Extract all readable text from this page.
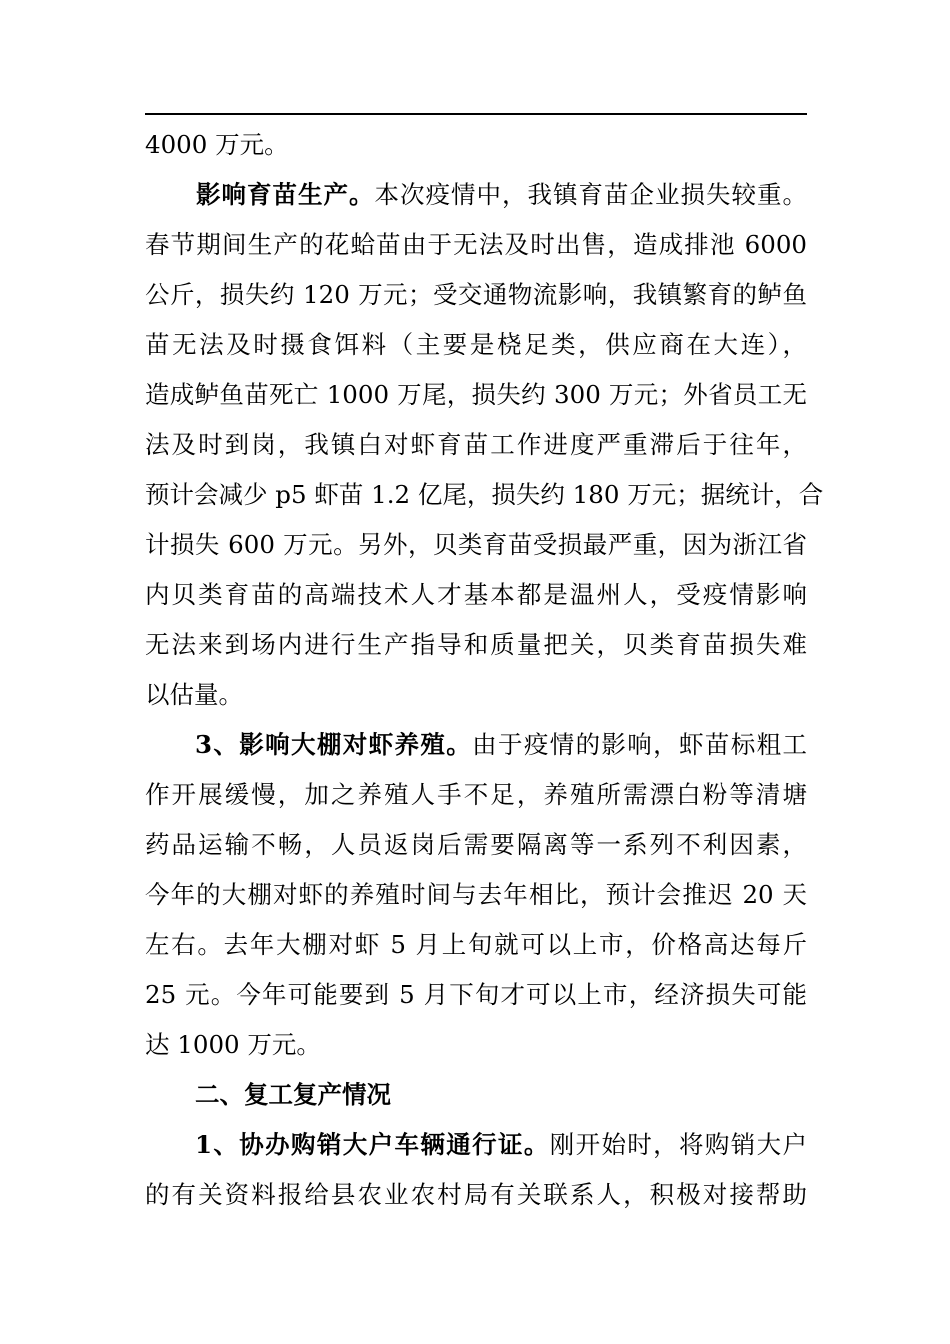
4000 万元。
影响育苗生产。本次疫情中，我镇育苗企业损失较重。
春节期间生产的花蛤苗由于无法及时出售，造成排池 6000
公斤，损失约 120 万元；受交通物流影响，我镇繁育的鲈鱼
苗无法及时摄食饵料（主要是桡足类，供应商在大连），
造成鲈鱼苗死亡 1000 万尾，损失约 300 万元；外省员工无
法及时到岗，我镇白对虾育苗工作进度严重滞后于往年，
预计会减少 p5 虾苗 1.2 亿尾，损失约 180 万元；据统计，合
计损失 600 万元。另外，贝类育苗受损最严重，因为浙江省
内贝类育苗的高端技术人才基本都是温州人，受疫情影响
无法来到场内进行生产指导和质量把关，贝类育苗损失难
以估量。
3、影响大棚对虾养殖。由于疫情的影响，虾苗标粗工
作开展缓慢，加之养殖人手不足，养殖所需漂白粉等清塘
药品运输不畅，人员返岗后需要隔离等一系列不利因素，
今年的大棚对虾的养殖时间与去年相比，预计会推迟 20 天
左右。去年大棚对虾 5 月上旬就可以上市，价格高达每斤
25 元。今年可能要到 5 月下旬才可以上市，经济损失可能
达 1000 万元。
二、复工复产情况
1、协办购销大户车辆通行证。刚开始时，将购销大户
的有关资料报给县农业农村局有关联系人，积极对接帮助
